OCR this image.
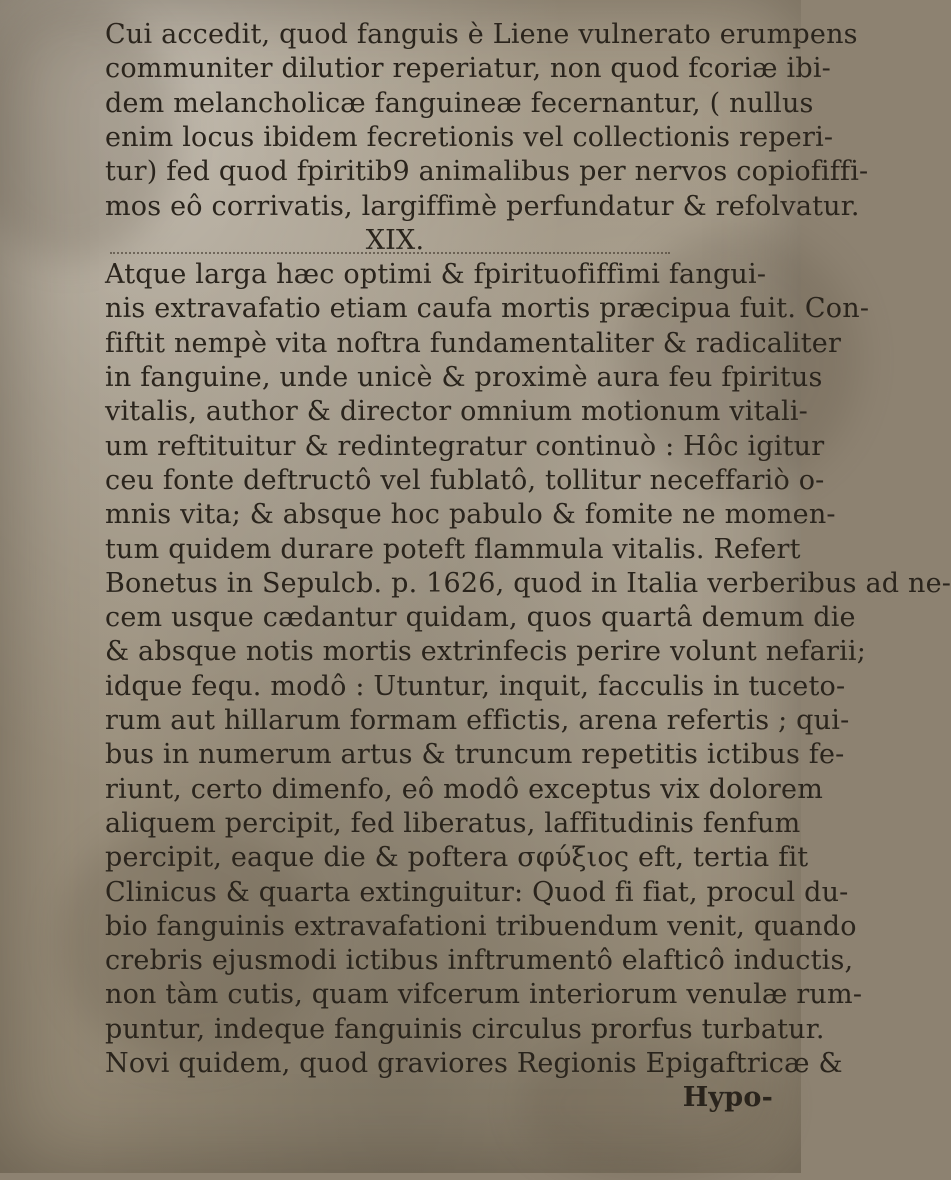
Cui accedit, quod fanguis è Liene vulnerato erumpens
communiter dilutior reperiatur, non quod fcoriæ ibi-
dem melancholicæ fanguineæ fecernantur, ( nullus
enim locus ibidem fecretionis vel collectionis reperi-
tur) fed quod fpiritib9 animalibus per nervos copiofiffi-
mos eô corrivatis, largiffimè perfundatur & refolvatur.
XIX.
Atque larga hæc optimi & fpirituofiffimi fangui-
nis extravafatio etiam caufa mortis præcipua fuit. Con-
fiftit nempè vita noftra fundamentaliter & radicaliter
in fanguine, unde unicè & proximè aura feu fpiritus
vitalis, author & director omnium motionum vitali-
um reftituitur & redintegratur continuò : Hôc igitur
ceu fonte deftructô vel fublatô, tollitur neceffariò o-
mnis vita; & absque hoc pabulo & fomite ne momen-
tum quidem durare poteft flammula vitalis. Refert
Bonetus in Sepulcb. p. 1626, quod in Italia verberibus ad ne-
cem usque cædantur quidam, quos quartâ demum die
& absque notis mortis extrinfecis perire volunt nefarii;
idque fequ. modô : Utuntur, inquit, facculis in tuceto-
rum aut hillarum formam effictis, arena refertis ; qui-
bus in numerum artus & truncum repetitis ictibus fe-
riunt, certo dimenfo, eô modô exceptus vix dolorem
aliquem percipit, fed liberatus, laffitudinis fenfum
percipit, eaque die & poftera σφύξιος eft, tertia fit
Clinicus & quarta extinguitur: Quod fi fiat, procul du-
bio fanguinis extravafationi tribuendum venit, quando
crebris ejusmodi ictibus inftrumentô elafticô inductis,
non tàm cutis, quam vifcerum interiorum venulæ rum-
puntur, indeque fanguinis circulus prorfus turbatur.
Novi quidem, quod graviores Regionis Epigaftricæ &
Hypo-
